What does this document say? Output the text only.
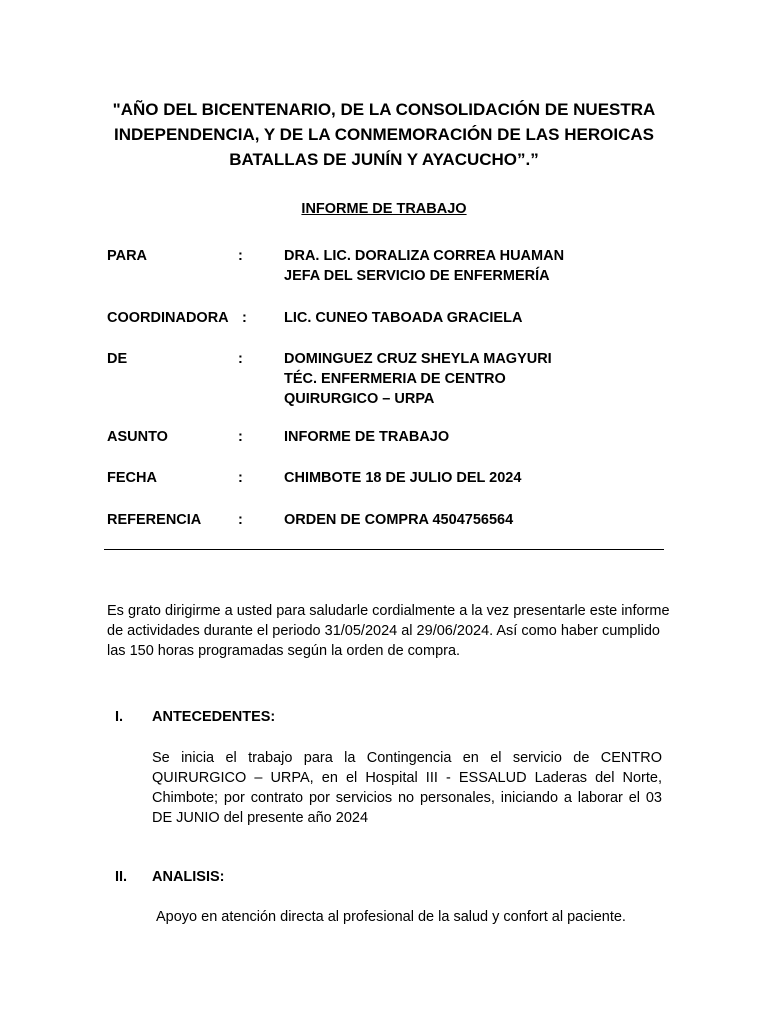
"AÑO DEL BICENTENARIO, DE LA CONSOLIDACIÓN DE NUESTRA INDEPENDENCIA, Y DE LA CONMEMORACIÓN DE LAS HEROICAS BATALLAS DE JUNÍN Y AYACUCHO”.”
INFORME DE TRABAJO
PARA	:	DRA. LIC. DORALIZA CORREA HUAMAN
JEFA DEL SERVICIO DE ENFERMERÍA
COORDINADORA :	LIC. CUNEO TABOADA GRACIELA
DE	:	DOMINGUEZ CRUZ SHEYLA MAGYURI
TÉC. ENFERMERIA DE CENTRO
QUIRURGICO – URPA
ASUNTO	:	INFORME DE TRABAJO
FECHA	:	CHIMBOTE 18 DE JULIO DEL 2024
REFERENCIA	:	ORDEN DE COMPRA 4504756564
Es grato dirigirme a usted para saludarle cordialmente a la vez presentarle este informe de actividades durante el periodo 31/05/2024 al 29/06/2024. Así como haber cumplido las 150 horas programadas según la orden de compra.
I. ANTECEDENTES:
Se inicia el trabajo para la Contingencia en el servicio de CENTRO QUIRURGICO – URPA, en el Hospital III - ESSALUD Laderas del Norte, Chimbote; por contrato por servicios no personales, iniciando a laborar el 03 DE JUNIO del presente año 2024
II. ANALISIS:
Apoyo en atención directa al profesional de la salud y confort al paciente.
